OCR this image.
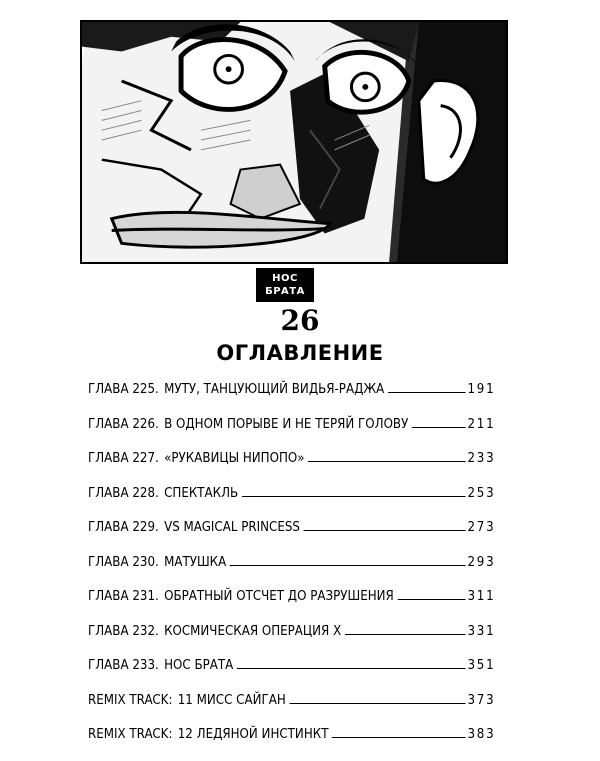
НОС
БРАТА
26
ОГЛАВЛЕНИЕ
ГЛАВА 225. МУТУ, ТАНЦУЮЩИЙ ВИДЬЯ-РАДЖА	191
ГЛАВА 226. В ОДНОМ ПОРЫВЕ И НЕ ТЕРЯЙ ГОЛОВУ	211
ГЛАВА 227. «РУКАВИЦЫ НИПОПО»	233
ГЛАВА 228. СПЕКТАКЛЬ	253
ГЛАВА 229. VS MAGICAL PRINCESS	273
ГЛАВА 230. МАТУШКА	293
ГЛАВА 231. ОБРАТНЫЙ ОТСЧЕТ ДО РАЗРУШЕНИЯ	311
ГЛАВА 232. КОСМИЧЕСКАЯ ОПЕРАЦИЯ Х	331
ГЛАВА 233. НОС БРАТА	351
REMIX TRACK: 11 МИСС САЙГАН	373
REMIX TRACK: 12 ЛЕДЯНОЙ ИНСТИНКТ	383
